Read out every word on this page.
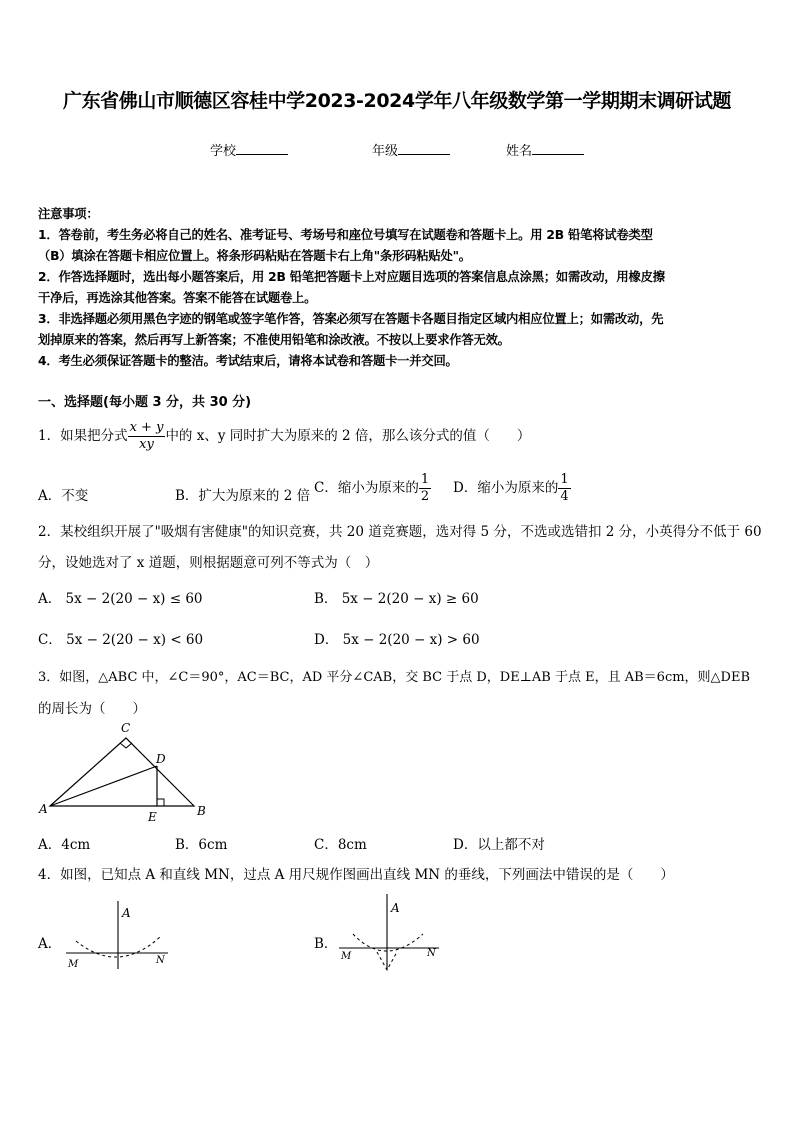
广东省佛山市顺德区容桂中学2023-2024学年八年级数学第一学期期末调研试题
学校	年级	姓名
注意事项：
1．答卷前，考生务必将自己的姓名、准考证号、考场号和座位号填写在试题卷和答题卡上。用 2B 铅笔将试卷类型
（B）填涂在答题卡相应位置上。将条形码粘贴在答题卡右上角"条形码粘贴处"。
2．作答选择题时，选出每小题答案后，用 2B 铅笔把答题卡上对应题目选项的答案信息点涂黑；如需改动，用橡皮擦
干净后，再选涂其他答案。答案不能答在试题卷上。
3．非选择题必须用黑色字迹的钢笔或签字笔作答，答案必须写在答题卡各题目指定区域内相应位置上；如需改动，先
划掉原来的答案，然后再写上新答案；不准使用铅笔和涂改液。不按以上要求作答无效。
4．考生必须保证答题卡的整洁。考试结束后，请将本试卷和答题卡一并交回。
一、选择题(每小题 3 分，共 30 分)
1．如果把分式 $\frac{x + y}{xy}$ 中的 x、y 同时扩大为原来的 2 倍，那么该分式的值（　　）
A．不变	B．扩大为原来的 2 倍 C．缩小为原来的 $\frac{1}{2}$ D．缩小为原来的 $\frac{1}{4}$
2．某校组织开展了"吸烟有害健康"的知识竞赛，共 20 道竞赛题，选对得 5 分，不选或选错扣 2 分，小英得分不低于 60
分，设她选对了 x 道题，则根据题意可列不等式为（　）
A． 5x − 2(20 − x) ≤ 60	B． 5x − 2(20 − x) ≥ 60
C． 5x − 2(20 − x) < 60	D． 5x − 2(20 − x) > 60
3．如图，△ABC 中，∠C＝90°，AC＝BC，AD 平分∠CAB，交 BC 于点 D，DE⊥AB 于点 E，且 AB＝6cm，则△DEB
的周长为（　　）
C
D
A	B
E
A．4cm	B．6cm	C．8cm	D．以上都不对
4．如图，已知点 A 和直线 MN，过点 A 用尺规作图画出直线 MN 的垂线，下列画法中错误的是（　　）
A．
A
M	N
B．
A
M	N
